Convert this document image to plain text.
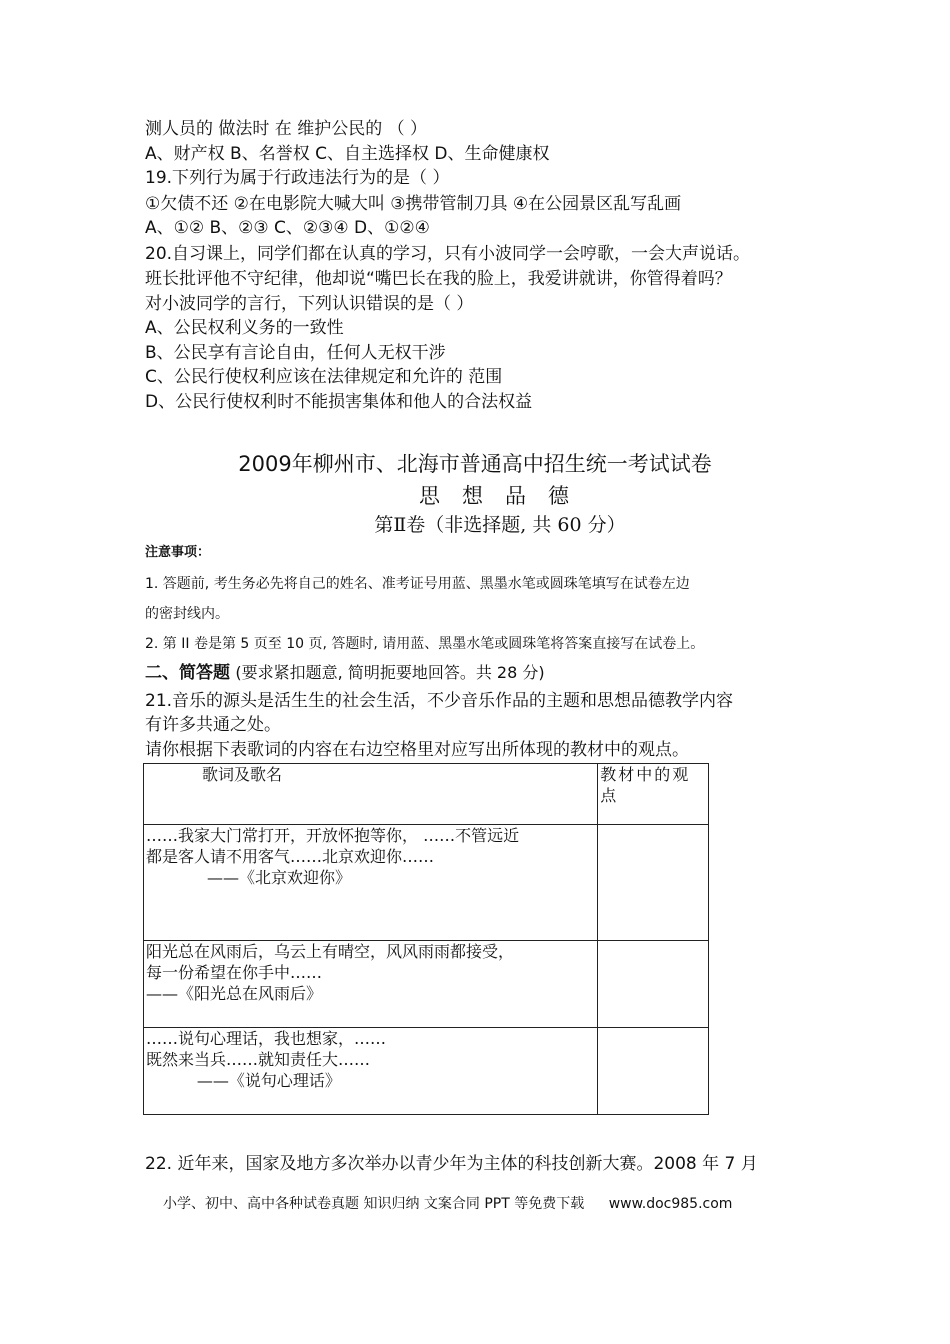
测人员的 做法时 在 维护公民的 （ ）
A、财产权 B、名誉权 C、自主选择权 D、生命健康权
19.下列行为属于行政违法行为的是（ ）
①欠债不还 ②在电影院大喊大叫 ③携带管制刀具 ④在公园景区乱写乱画
A、①② B、②③ C、②③④ D、①②④
20.自习课上，同学们都在认真的学习，只有小波同学一会哼歌，一会大声说话。
班长批评他不守纪律，他却说“嘴巴长在我的脸上，我爱讲就讲，你管得着吗？
对小波同学的言行，下列认识错误的是（ ）
A、公民权利义务的一致性
B、公民享有言论自由，任何人无权干涉
C、公民行使权利应该在法律规定和允许的 范围
D、公民行使权利时不能损害集体和他人的合法权益
2009年柳州市、北海市普通高中招生统一考试试卷
思想品德
第Ⅱ卷（非选择题, 共 60 分）
注意事项：
1. 答题前, 考生务必先将自己的姓名、准考证号用蓝、黑墨水笔或圆珠笔填写在试卷左边
的密封线内。
2. 第 II 卷是第 5 页至 10 页, 答题时, 请用蓝、黑墨水笔或圆珠笔将答案直接写在试卷上。
二、简答题 (要求紧扣题意, 简明扼要地回答。共 28 分)
21.音乐的源头是活生生的社会生活，不少音乐作品的主题和思想品德教学内容
有许多共通之处。
请你根据下表歌词的内容在右边空格里对应写出所体现的教材中的观点。
歌词及歌名	教材中的观点

……我家大门常打开，开放怀抱等你， ……不管远近
都是客人请不用客气……北京欢迎你……
——《北京欢迎你》	

阳光总在风雨后，乌云上有晴空，风风雨雨都接受，
每一份希望在你手中……
——《阳光总在风雨后》	

……说句心理话，我也想家，……
既然来当兵……就知责任大……
——《说句心理话》	

22. 近年来，国家及地方多次举办以青少年为主体的科技创新大赛。2008 年 7 月
小学、初中、高中各种试卷真题 知识归纳 文案合同 PPT 等免费下载 www.doc985.com
